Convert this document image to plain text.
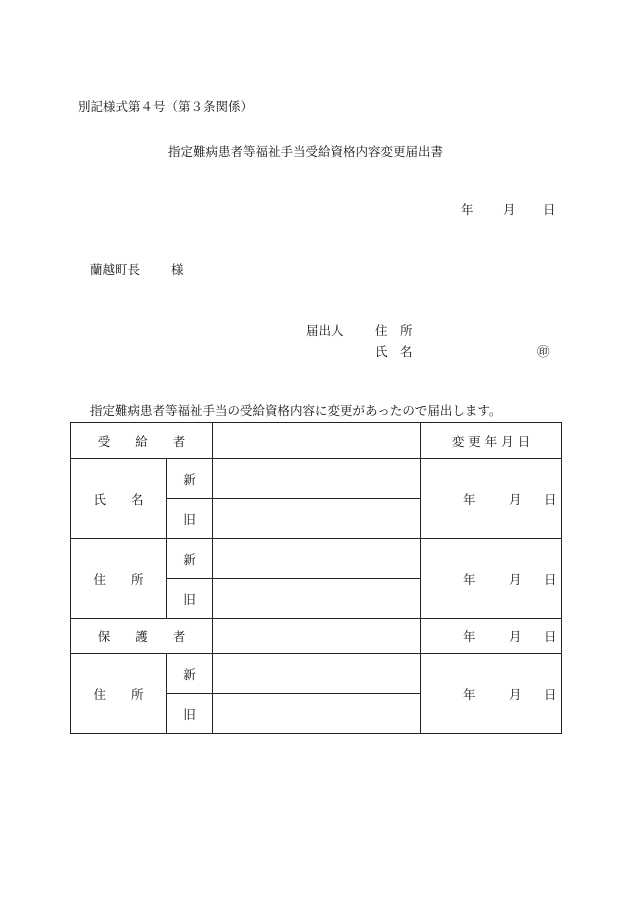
別記様式第４号（第３条関係）
指定難病患者等福祉手当受給資格内容変更届出書
年 月 日
蘭越町長 様
届出人	住　所
氏　名	㊞
指定難病患者等福祉手当の受給資格内容に変更があったので届出します。
受　　給　　者			変 更 年 月 日
氏　　名	新		年 月 日

	旧		
住　　所	新		年 月 日

	旧		
保　　護　　者			年 月 日

住　　所	新		年 月 日

	旧		
